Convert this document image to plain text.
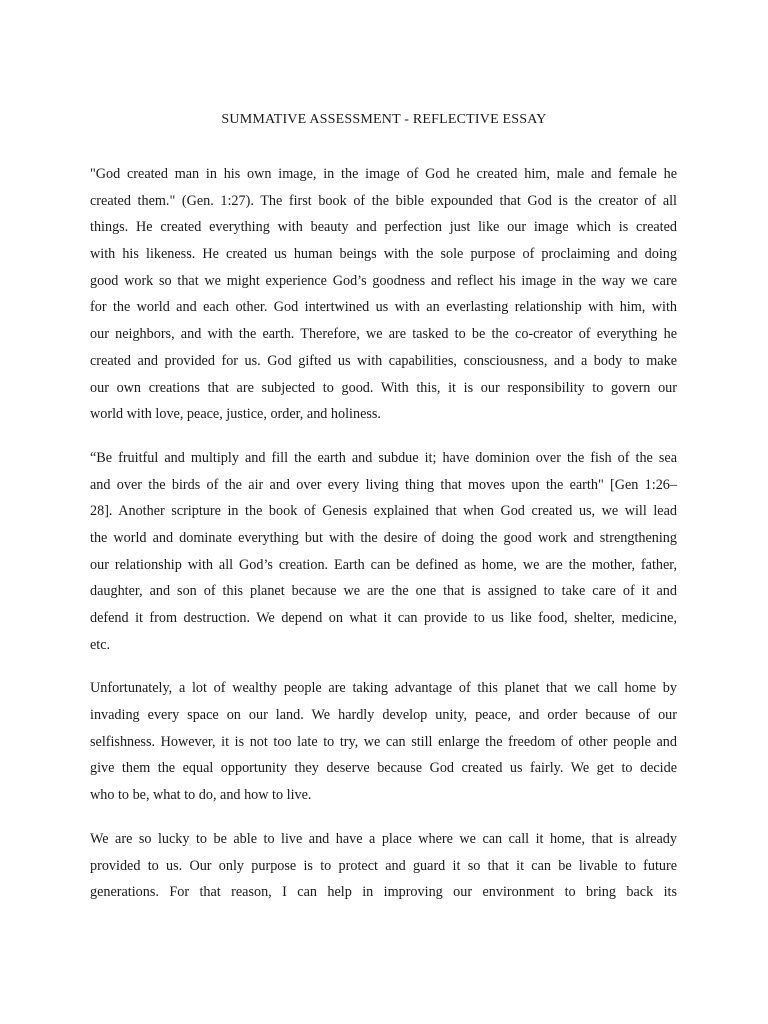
SUMMATIVE ASSESSMENT - REFLECTIVE ESSAY

"God created man in his own image, in the image of God he created him, male and female he
created them." (Gen. 1:27). The first book of the bible expounded that God is the creator of all
things. He created everything with beauty and perfection just like our image which is created
with his likeness. He created us human beings with the sole purpose of proclaiming and doing
good work so that we might experience God’s goodness and reflect his image in the way we care
for the world and each other. God intertwined us with an everlasting relationship with him, with
our neighbors, and with the earth. Therefore, we are tasked to be the co-creator of everything he
created and provided for us. God gifted us with capabilities, consciousness, and a body to make
our own creations that are subjected to good. With this, it is our responsibility to govern our
world with love, peace, justice, order, and holiness.

“Be fruitful and multiply and fill the earth and subdue it; have dominion over the fish of the sea
and over the birds of the air and over every living thing that moves upon the earth" [Gen 1:26–
28]. Another scripture in the book of Genesis explained that when God created us, we will lead
the world and dominate everything but with the desire of doing the good work and strengthening
our relationship with all God’s creation. Earth can be defined as home, we are the mother, father,
daughter, and son of this planet because we are the one that is assigned to take care of it and
defend it from destruction. We depend on what it can provide to us like food, shelter, medicine,
etc.

Unfortunately, a lot of wealthy people are taking advantage of this planet that we call home by
invading every space on our land. We hardly develop unity, peace, and order because of our
selfishness. However, it is not too late to try, we can still enlarge the freedom of other people and
give them the equal opportunity they deserve because God created us fairly. We get to decide
who to be, what to do, and how to live.

We are so lucky to be able to live and have a place where we can call it home, that is already
provided to us. Our only purpose is to protect and guard it so that it can be livable to future
generations. For that reason, I can help in improving our environment to bring back its
